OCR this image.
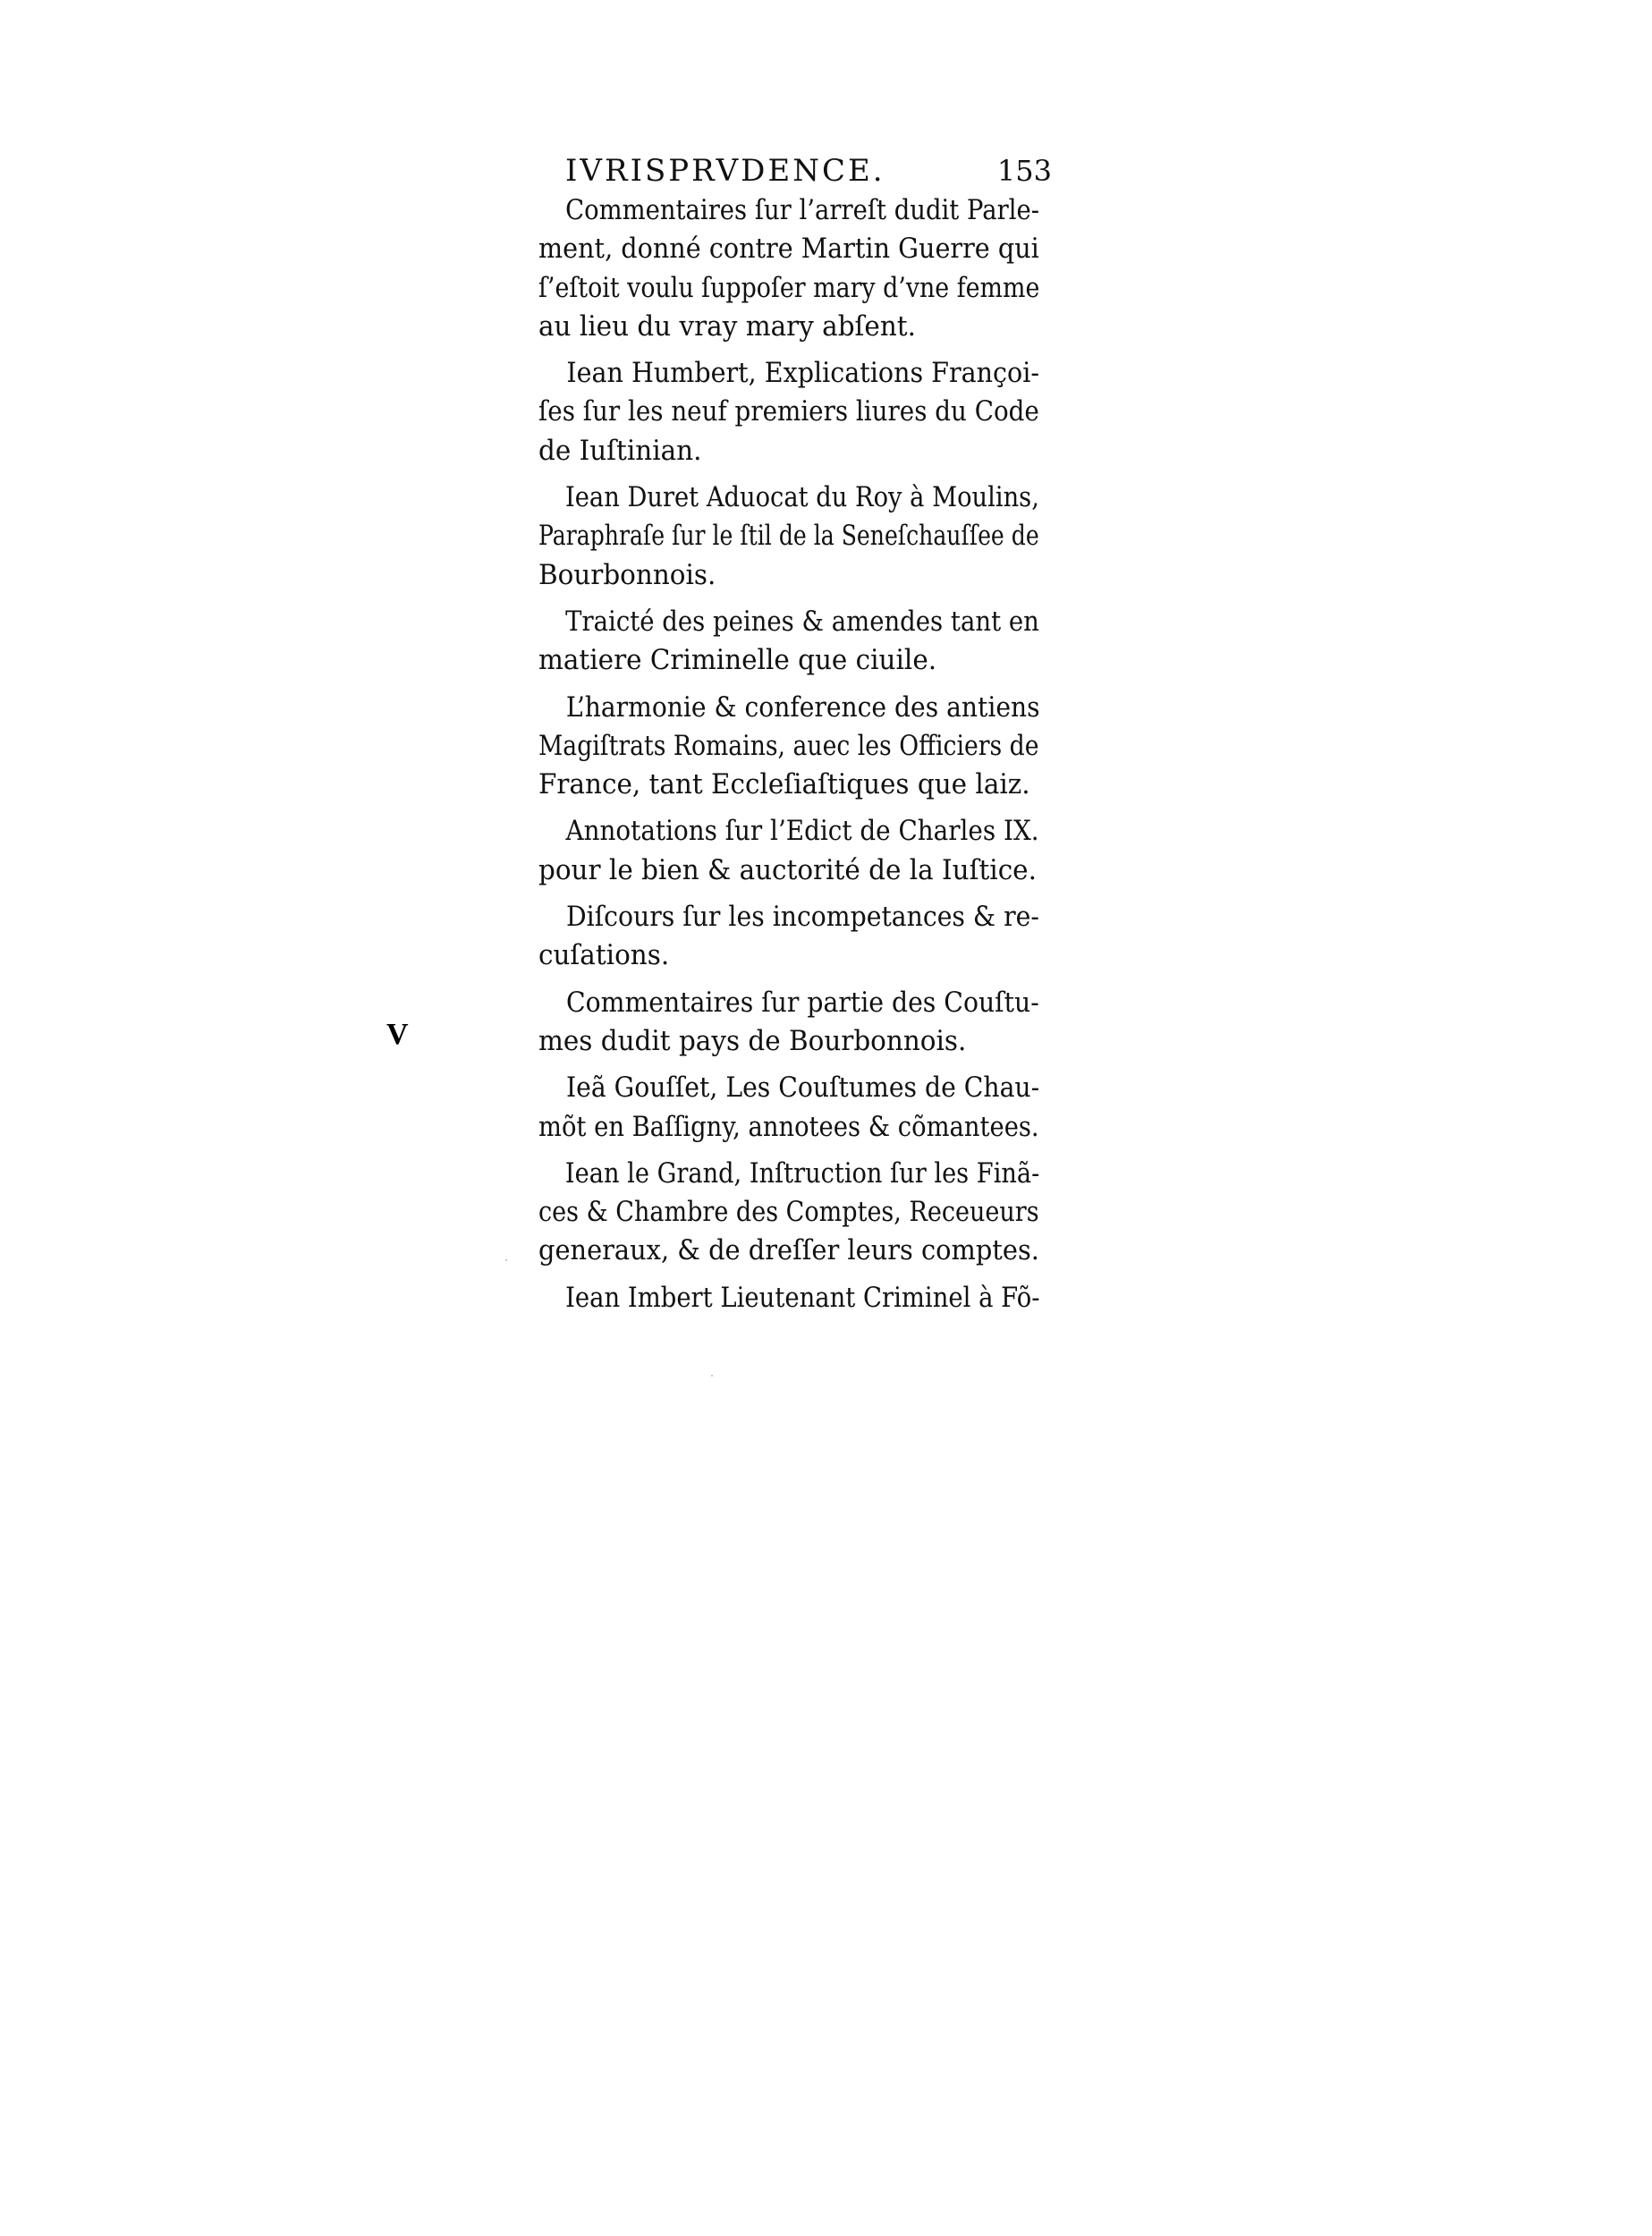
IVRISPRVDENCE.	153
Commentaires ſur l’arreſt dudit Parle-
ment, donné contre Martin Guerre qui
ſ’eſtoit voulu ſuppoſer mary d’vne femme
au lieu du vray mary abſent.
Iean Humbert, Explications Françoi-
ſes ſur les neuf premiers liures du Code
de Iuſtinian.
Iean Duret Aduocat du Roy à Moulins,
Paraphraſe ſur le ſtil de la Seneſchauſſee de
Bourbonnois.
Traicté des peines & amendes tant en
matiere Criminelle que ciuile.
L’harmonie & conference des antiens
Magiſtrats Romains, auec les Officiers de
France, tant Eccleſiaſtiques que laiz.
Annotations ſur l’Edict de Charles IX.
pour le bien & auctorité de la Iuſtice.
Diſcours ſur les incompetances & re-
cuſations.
Commentaires ſur partie des Couſtu-
mes dudit pays de Bourbonnois.
Ieã Gouſſet, Les Couſtumes de Chau-
mõt en Baſſigny, annotees & cõmantees.
Iean le Grand, Inſtruction ſur les Finã-
ces & Chambre des Comptes, Receueurs
generaux, & de dreſſer leurs comptes.
Iean Imbert Lieutenant Criminel à Fõ-
V
